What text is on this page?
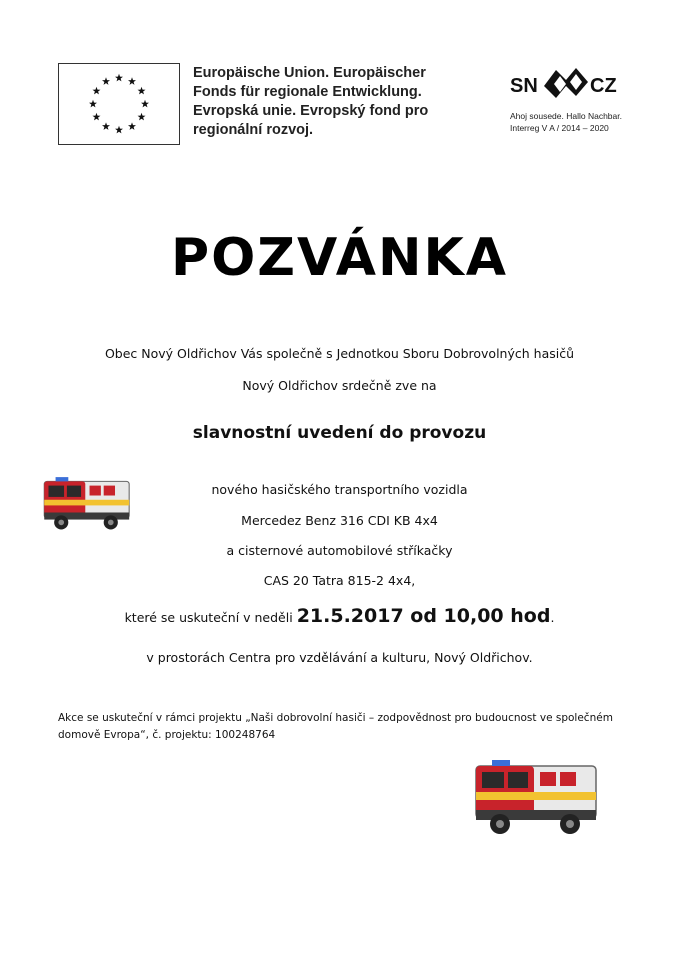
Europäische Union. Europäischer
Fonds für regionale Entwicklung.
Evropská unie. Evropský fond pro
regionální rozvoj.
SN	CZ
Ahoj sousede. Hallo Nachbar.
Interreg V A / 2014 – 2020
POZVÁNKA
Obec Nový Oldřichov Vás společně s Jednotkou Sboru Dobrovolných hasičů
Nový Oldřichov srdečně zve na
slavnostní uvedení do provozu
nového hasičského transportního vozidla
Mercedez Benz 316 CDI KB 4x4
a cisternové automobilové stříkačky
CAS 20 Tatra 815-2 4x4,
které se uskuteční v neděli 21.5.2017 od 10,00 hod.
v prostorách Centra pro vzdělávání a kulturu, Nový Oldřichov.
Akce se uskuteční v rámci projektu „Naši dobrovolní hasiči – zodpovědnost pro budoucnost ve společném
domově Evropa“, č. projektu: 100248764
